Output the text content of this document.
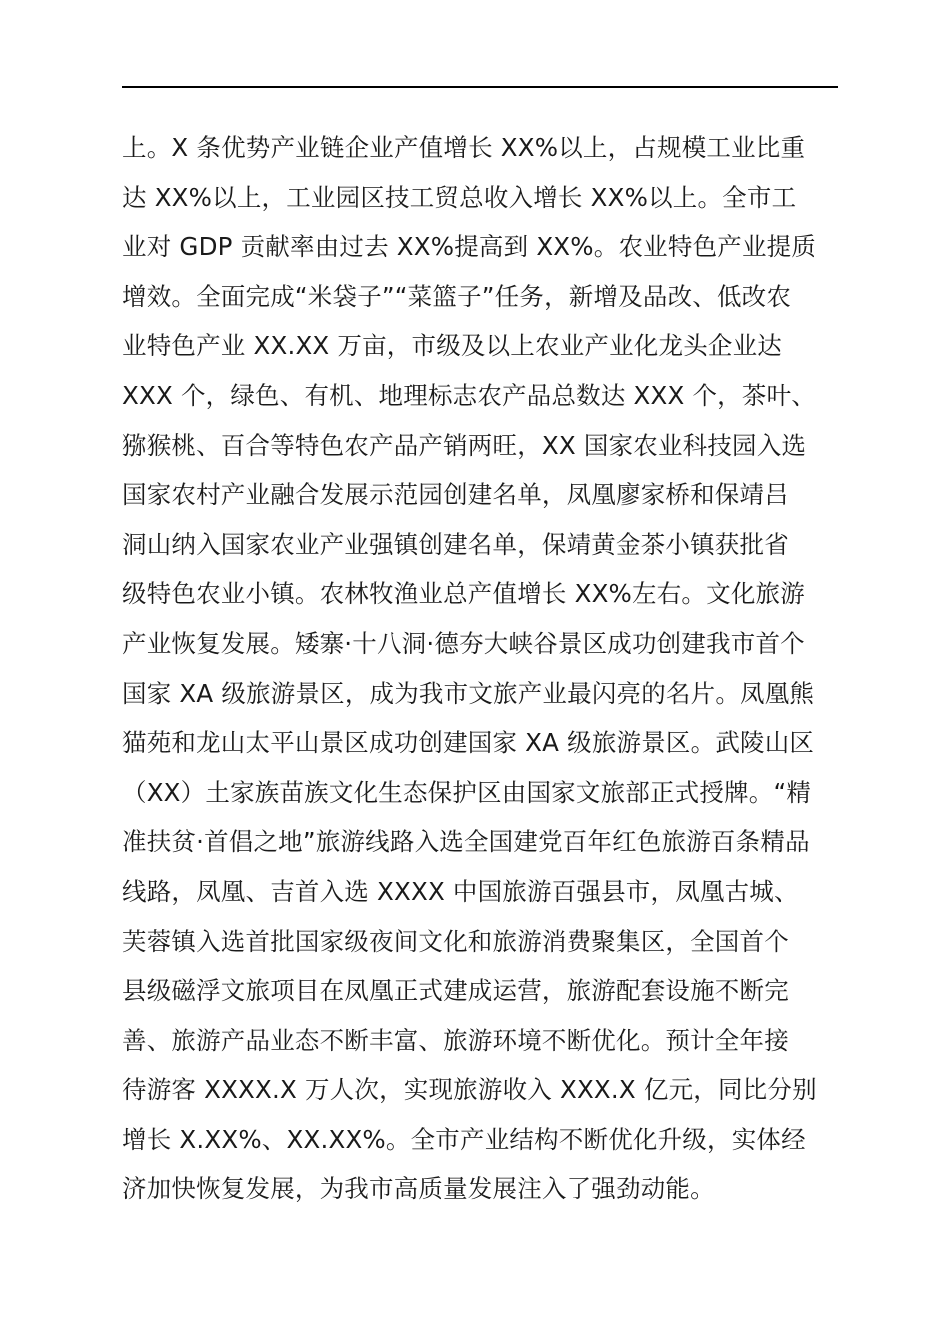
上。X 条优势产业链企业产值增长 XX%以上，占规模工业比重
达 XX%以上，工业园区技工贸总收入增长 XX%以上。全市工
业对 GDP 贡献率由过去 XX%提高到 XX%。农业特色产业提质
增效。全面完成“米袋子”“菜篮子”任务，新增及品改、低改农
业特色产业 XX.XX 万亩，市级及以上农业产业化龙头企业达
XXX 个，绿色、有机、地理标志农产品总数达 XXX 个，茶叶、
猕猴桃、百合等特色农产品产销两旺，XX 国家农业科技园入选
国家农村产业融合发展示范园创建名单，凤凰廖家桥和保靖吕
洞山纳入国家农业产业强镇创建名单，保靖黄金茶小镇获批省
级特色农业小镇。农林牧渔业总产值增长 XX%左右。文化旅游
产业恢复发展。矮寨·十八洞·德夯大峡谷景区成功创建我市首个
国家 XA 级旅游景区，成为我市文旅产业最闪亮的名片。凤凰熊
猫苑和龙山太平山景区成功创建国家 XA 级旅游景区。武陵山区
（XX）土家族苗族文化生态保护区由国家文旅部正式授牌。“精
准扶贫·首倡之地”旅游线路入选全国建党百年红色旅游百条精品
线路，凤凰、吉首入选 XXXX 中国旅游百强县市，凤凰古城、
芙蓉镇入选首批国家级夜间文化和旅游消费聚集区，全国首个
县级磁浮文旅项目在凤凰正式建成运营，旅游配套设施不断完
善、旅游产品业态不断丰富、旅游环境不断优化。预计全年接
待游客 XXXX.X 万人次，实现旅游收入 XXX.X 亿元，同比分别
增长 X.XX%、XX.XX%。全市产业结构不断优化升级，实体经
济加快恢复发展，为我市高质量发展注入了强劲动能。
